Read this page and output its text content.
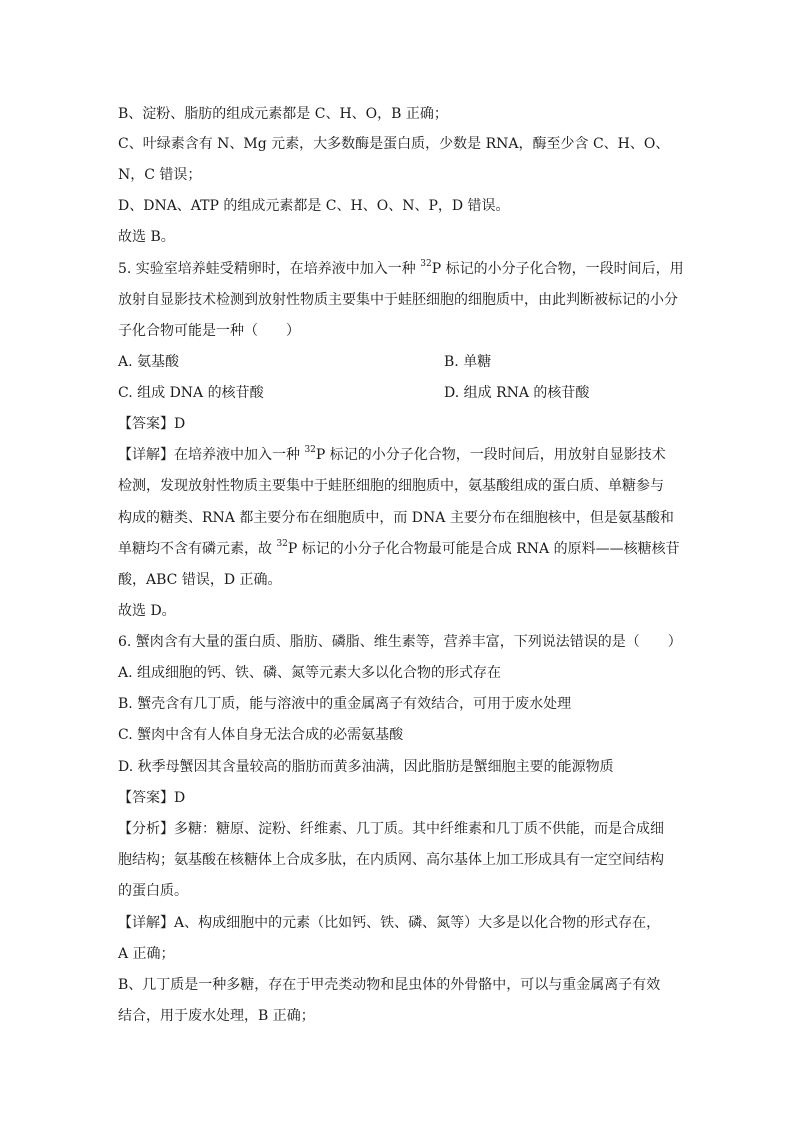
B、淀粉、脂肪的组成元素都是 C、H、O，B 正确；
C、叶绿素含有 N、Mg 元素，大多数酶是蛋白质，少数是 RNA，酶至少含 C、H、O、
N，C 错误；
D、DNA、ATP 的组成元素都是 C、H、O、N、P，D 错误。
故选 B。
5. 实验室培养蛙受精卵时，在培养液中加入一种 $^{32}$P 标记的小分子化合物，一段时间后，用
放射自显影技术检测到放射性物质主要集中于蛙胚细胞的细胞质中，由此判断被标记的小分
子化合物可能是一种（　　）
A. 氨基酸	B. 单糖
C. 组成 DNA 的核苷酸	D. 组成 RNA 的核苷酸
【答案】D
【详解】在培养液中加入一种 $^{32}$P 标记的小分子化合物，一段时间后，用放射自显影技术
检测，发现放射性物质主要集中于蛙胚细胞的细胞质中，氨基酸组成的蛋白质、单糖参与
构成的糖类、RNA 都主要分布在细胞质中，而 DNA 主要分布在细胞核中，但是氨基酸和
单糖均不含有磷元素，故 $^{32}$P 标记的小分子化合物最可能是合成 RNA 的原料——核糖核苷
酸，ABC 错误，D 正确。
故选 D。
6. 蟹肉含有大量的蛋白质、脂肪、磷脂、维生素等，营养丰富，下列说法错误的是（　　）
A. 组成细胞的钙、铁、磷、氮等元素大多以化合物的形式存在
B. 蟹壳含有几丁质，能与溶液中的重金属离子有效结合，可用于废水处理
C. 蟹肉中含有人体自身无法合成的必需氨基酸
D. 秋季母蟹因其含量较高的脂肪而黄多油满，因此脂肪是蟹细胞主要的能源物质
【答案】D
【分析】多糖：糖原、淀粉、纤维素、几丁质。其中纤维素和几丁质不供能，而是合成细
胞结构；氨基酸在核糖体上合成多肽，在内质网、高尔基体上加工形成具有一定空间结构
的蛋白质。
【详解】A、构成细胞中的元素（比如钙、铁、磷、氮等）大多是以化合物的形式存在，
A 正确；
B、几丁质是一种多糖，存在于甲壳类动物和昆虫体的外骨骼中，可以与重金属离子有效
结合，用于废水处理，B 正确；
